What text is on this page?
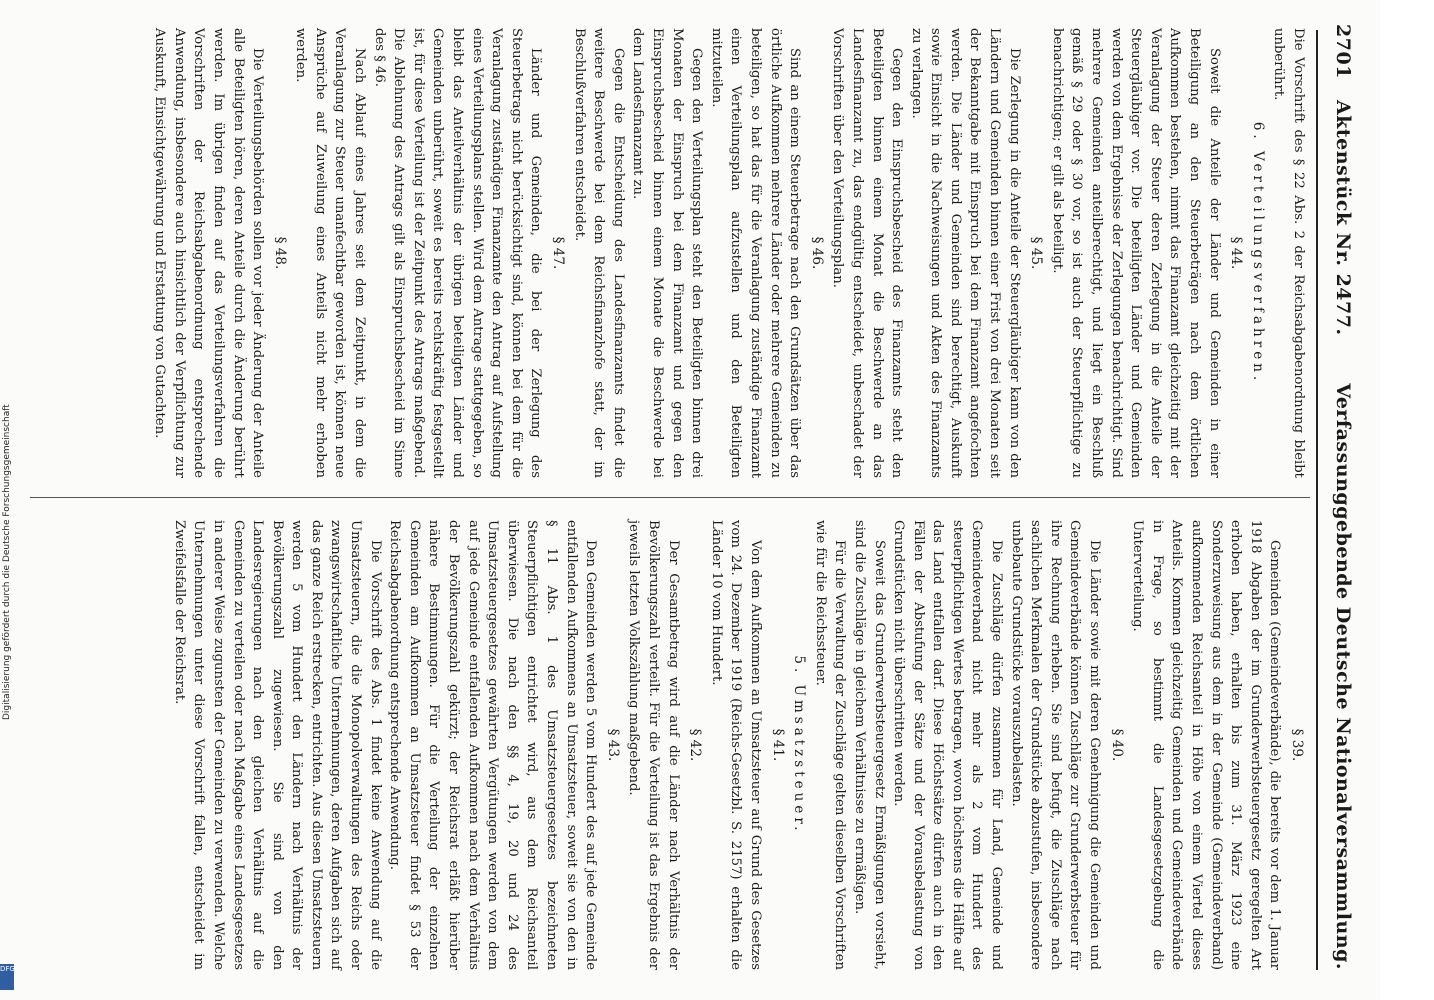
2701
Aktenstück Nr. 2477.
Verfassunggebende Deutsche Nationalversammlung.

Die Vorschrift des § 22 Abs. 2 der Reichsabgabenordnung bleibt unberührt.

6. Verteilungsverfahren.
§ 44.

Soweit die Anteile der Länder und Gemeinden in einer Beteiligung an den Steuerbeträgen nach dem örtlichen Aufkommen bestehen, nimmt das Finanzamt gleichzeitig mit der Veranlagung der Steuer deren Zerlegung in die Anteile der Steuergläubiger vor. Die beteiligten Länder und Gemeinden werden von dem Ergebnisse der Zerlegungen benachrichtigt. Sind mehrere Gemeinden anteilberechtigt, und liegt ein Beschluß gemäß § 29 oder § 30 vor, so ist auch der Steuerpflichtige zu benachrichtigen; er gilt als beteiligt.

§ 45.

Die Zerlegung in die Anteile der Steuergläubiger kann von den Ländern und Gemeinden binnen einer Frist von drei Monaten seit der Bekanntgabe mit Einspruch bei dem Finanzamt angefochten werden. Die Länder und Gemeinden sind berechtigt, Auskunft sowie Einsicht in die Nachweisungen und Akten des Finanzamts zu verlangen.

Gegen den Einspruchsbescheid des Finanzamts steht den Beteiligten binnen einem Monat die Beschwerde an das Landesfinanzamt zu, das endgültig entscheidet, unbeschadet der Vorschriften über den Verteilungsplan.

§ 46.

Sind an einem Steuerbetrage nach den Grundsätzen über das örtliche Aufkommen mehrere Länder oder mehrere Gemeinden zu beteiligen, so hat das für die Veranlagung zuständige Finanzamt einen Verteilungsplan aufzustellen und den Beteiligten mitzuteilen.

Gegen den Verteilungsplan steht den Beteiligten binnen drei Monaten der Einspruch bei dem Finanzamt und gegen den Einspruchsbescheid binnen einem Monate die Beschwerde bei dem Landesfinanzamt zu.

Gegen die Entscheidung des Landesfinanzamts findet die weitere Beschwerde bei dem Reichsfinanzhofe statt, der im Beschlußverfahren entscheidet.

§ 47.

Länder und Gemeinden, die bei der Zerlegung des Steuerbetrags nicht berücksichtigt sind, können bei dem für die Veranlagung zuständigen Finanzamte den Antrag auf Aufstellung eines Verteilungsplans stellen. Wird dem Antrage stattgegeben, so bleibt das Anteilverhältnis der übrigen beteiligten Länder und Gemeinden unberührt, soweit es bereits rechtskräftig festgestellt ist, für diese Verteilung ist der Zeitpunkt des Antrags maßgebend. Die Ablehnung des Antrags gilt als Einspruchsbescheid im Sinne des § 46.

Nach Ablauf eines Jahres seit dem Zeitpunkt, in dem die Veranlagung zur Steuer unanfechtbar geworden ist, können neue Ansprüche auf Zuweilung eines Anteils nicht mehr erhoben werden.

§ 48.

Die Verteilungsbehörden sollen vor jeder Änderung der Anteile alle Beteiligten hören, deren Anteile durch die Änderung berührt werden. Im übrigen finden auf das Verteilungsverfahren die Vorschriften der Reichsabgabenordnung entsprechende Anwendung, insbesondere auch hinsichtlich der Verpflichtung zur Auskunft, Einsichtgewährung und Erstattung von Gutachten.

§ 39.

Gemeinden (Gemeindeverbände), die bereits vor dem 1. Januar 1918 Abgaben der im Grunderwerbsteuergesetz geregelten Art erhoben haben, erhalten bis zum 31. März 1923 eine Sonderzuweisung aus dem in der Gemeinde (Gemeindeverband) aufkommenden Reichsanteil in Höhe von einem Viertel dieses Anteils. Kommen gleichzeitig Gemeinden und Gemeindeverbände in Frage, so bestimmt die Landesgesetzgebung die Unterverteilung.

§ 40.

Die Länder sowie mit deren Genehmigung die Gemeinden und Gemeindeverbände können Zuschläge zur Grunderwerbsteuer für ihre Rechnung erheben. Sie sind befugt, die Zuschläge nach sachlichen Merkmalen der Grundstücke abzustufen, insbesondere unbebaute Grundstücke vorauszubelasten.

Die Zuschläge dürfen zusammen für Land, Gemeinde und Gemeindeverband nicht mehr als 2 vom Hundert des steuerpflichtigen Wertes betragen, wovon höchstens die Hälfte auf das Land entfallen darf. Diese Höchstsätze dürfen auch in den Fällen der Abstufung der Sätze und der Vorausbelastung von Grundstücken nicht überschritten werden.

Soweit das Grunderwerbsteuergesetz Ermäßigungen vorsieht, sind die Zuschläge in gleichem Verhältnisse zu ermäßigen.

Für die Verwaltung der Zuschläge gelten dieselben Vorschriften wie für die Reichssteuer.

5. Umsatzsteuer.
§ 41.

Von dem Aufkommen an Umsatzsteuer auf Grund des Gesetzes vom 24. Dezember 1919 (Reichs-Gesetzbl. S. 2157) erhalten die Länder 10 vom Hundert.

§ 42.

Der Gesamtbetrag wird auf die Länder nach Verhältnis der Bevölkerungszahl verteilt. Für die Verteilung ist das Ergebnis der jeweils letzten Volkszählung maßgebend.

§ 43.

Den Gemeinden werden 5 vom Hundert des auf jede Gemeinde entfallenden Aufkommens an Umsatzsteuer, soweit sie von den in § 11 Abs. 1 des Umsatzsteuergesetzes bezeichneten Steuerpflichtigen entrichtet wird, aus dem Reichsanteil überwiesen. Die nach den §§ 4, 19, 20 und 24 des Umsatzsteuergesetzes gewährten Vergütungen werden von dem auf jede Gemeinde entfallenden Aufkommen nach dem Verhältnis der Bevölkerungszahl gekürzt; der Reichsrat erläßt hierüber nähere Bestimmungen. Für die Verteilung der einzelnen Gemeinden am Aufkommen an Umsatzsteuer findet § 53 der Reichsabgabenordnung entsprechende Anwendung.

Die Vorschrift des Abs. 1 findet keine Anwendung auf die Umsatzsteuern, die die Monopolverwaltungen des Reichs oder zwangswirtschaftliche Unternehmungen, deren Aufgaben sich auf das ganze Reich erstrecken, entrichten. Aus diesen Umsatzsteuern werden 5 vom Hundert den Ländern nach Verhältnis der Bevölkerungszahl zugewiesen. Sie sind von den Landesregierungen nach den gleichen Verhältnis auf die Gemeinden zu verteilen oder nach Maßgabe eines Landesgesetzes in anderer Weise zugunsten der Gemeinden zu verwenden. Welche Unternehmungen unter diese Vorschrift fallen, entscheidet im Zweifelsfalle der Reichsrat.

Digitalisierung gefördert durch die Deutsche Forschungsgemeinschaft
DFG
